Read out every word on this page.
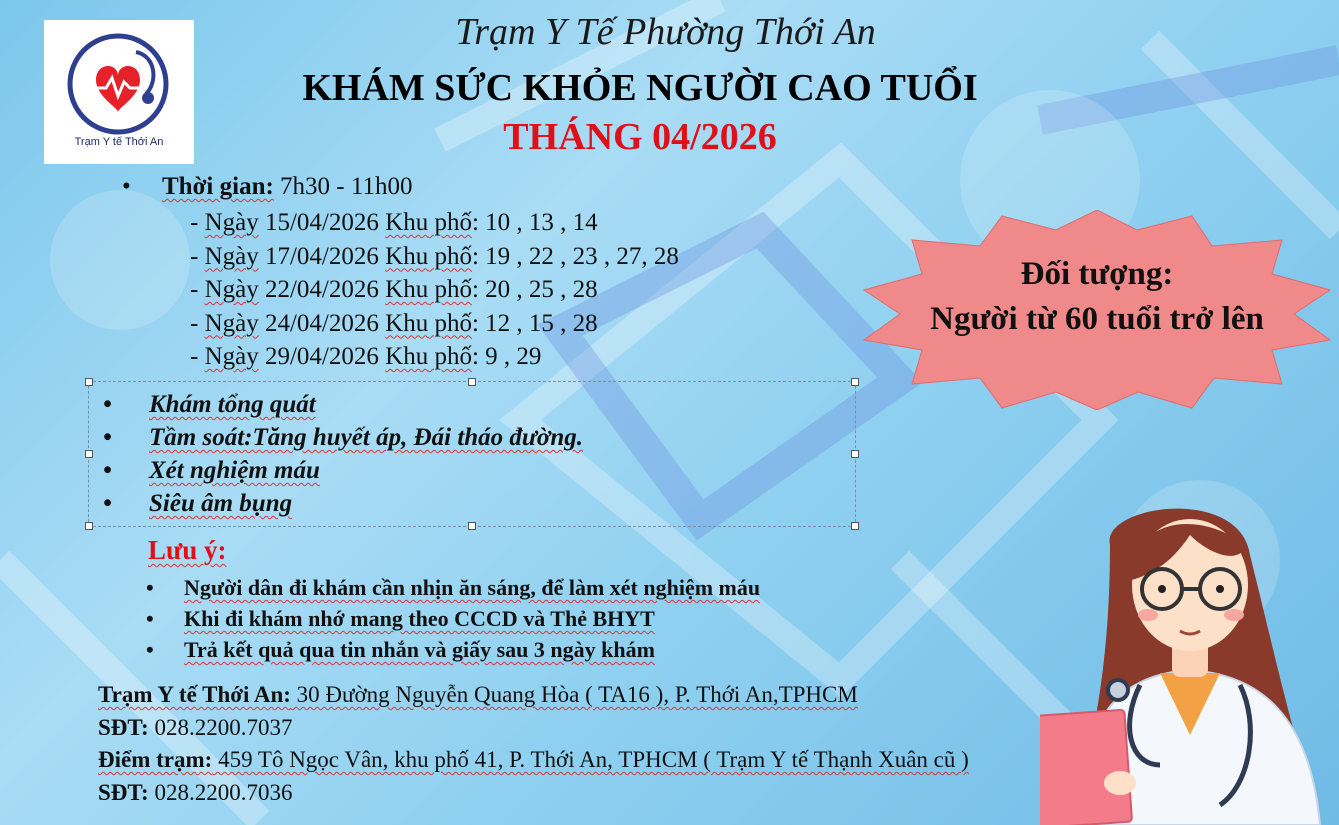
Trạm Y tế Thới An
Trạm Y Tế Phường Thới An
KHÁM SỨC KHỎE NGƯỜI CAO TUỔI
THÁNG 04/2026
• Thời gian: 7h30 - 11h00
- Ngày 15/04/2026 Khu phố: 10 , 13 , 14
- Ngày 17/04/2026 Khu phố: 19 , 22 , 23 , 27, 28
- Ngày 22/04/2026 Khu phố: 20 , 25 , 28
- Ngày 24/04/2026 Khu phố: 12 , 15 , 28
- Ngày 29/04/2026 Khu phố: 9 , 29
• Khám tổng quát
• Tầm soát:Tăng huyết áp, Đái tháo đường.
• Xét nghiệm máu
• Siêu âm bụng
Lưu ý:
• Người dân đi khám cần nhịn ăn sáng, để làm xét nghiệm máu
• Khi đi khám nhớ mang theo CCCD và Thẻ BHYT
• Trả kết quả qua tin nhắn và giấy sau 3 ngày khám
Trạm Y tế Thới An: 30 Đường Nguyễn Quang Hòa ( TA16 ), P. Thới An,TPHCM
SĐT: 028.2200.7037
Điểm trạm: 459 Tô Ngọc Vân, khu phố 41, P. Thới An, TPHCM ( Trạm Y tế Thạnh Xuân cũ )
SĐT: 028.2200.7036
Đối tượng:
Người từ 60 tuổi trở lên
